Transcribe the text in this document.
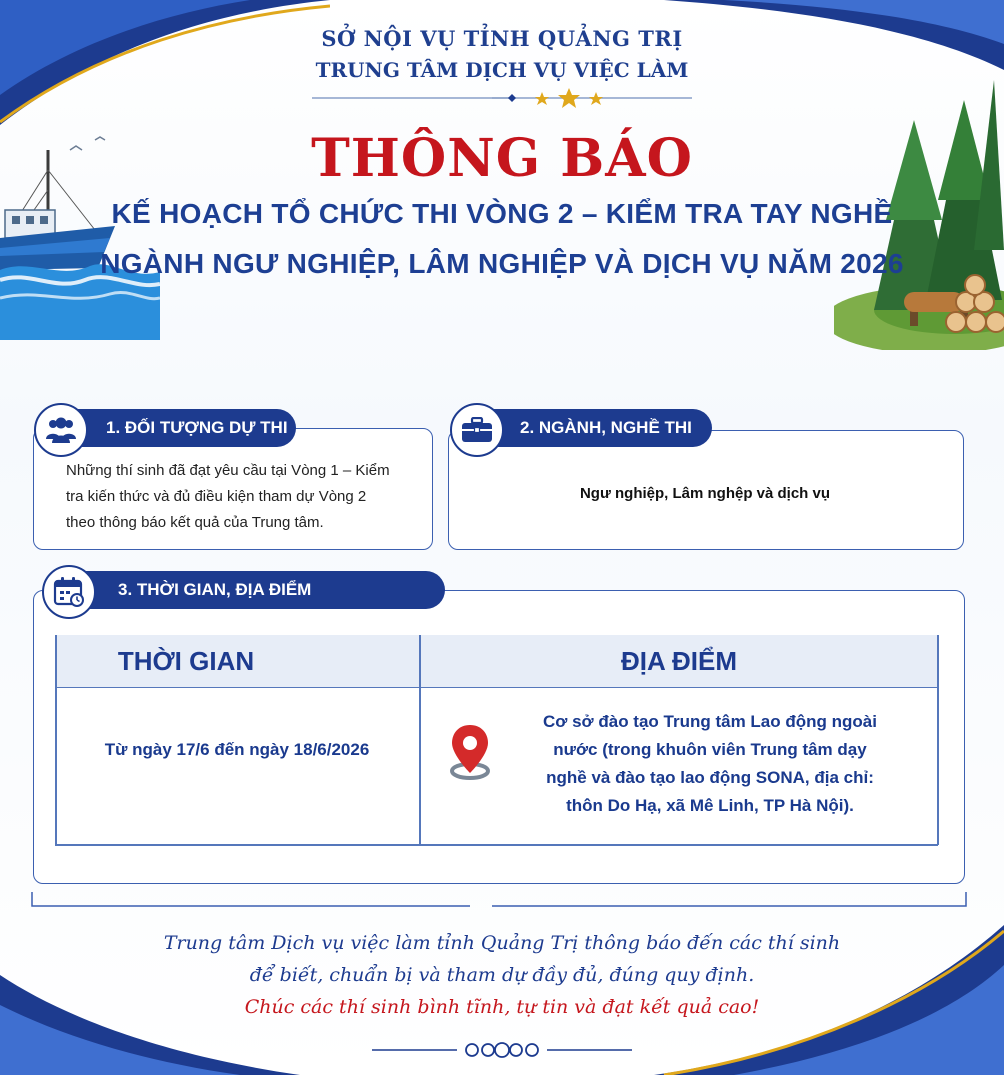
SỞ NỘI VỤ TỈNH QUẢNG TRỊ
TRUNG TÂM DỊCH VỤ VIỆC LÀM
THÔNG BÁO
KẾ HOẠCH TỔ CHỨC THI VÒNG 2 – KIỂM TRA TAY NGHỀ
NGÀNH NGƯ NGHIỆP, LÂM NGHIỆP VÀ DỊCH VỤ NĂM 2026
1. ĐỐI TƯỢNG DỰ THI
Những thí sinh đã đạt yêu cầu tại Vòng 1 – Kiểm
tra kiến thức và đủ điều kiện tham dự Vòng 2
theo thông báo kết quả của Trung tâm.
2. NGÀNH, NGHỀ THI
Ngư nghiệp, Lâm nghệp và dịch vụ
3. THỜI GIAN, ĐỊA ĐIỂM
THỜI GIAN	ĐỊA ĐIỂM
Từ ngày 17/6 đến ngày 18/6/2026
Cơ sở đào tạo Trung tâm Lao động ngoài
nước (trong khuôn viên Trung tâm dạy
nghề và đào tạo lao động SONA, địa chỉ:
thôn Do Hạ, xã Mê Linh, TP Hà Nội).
Trung tâm Dịch vụ việc làm tỉnh Quảng Trị thông báo đến các thí sinh
để biết, chuẩn bị và tham dự đầy đủ, đúng quy định.
Chúc các thí sinh bình tĩnh, tự tin và đạt kết quả cao!
